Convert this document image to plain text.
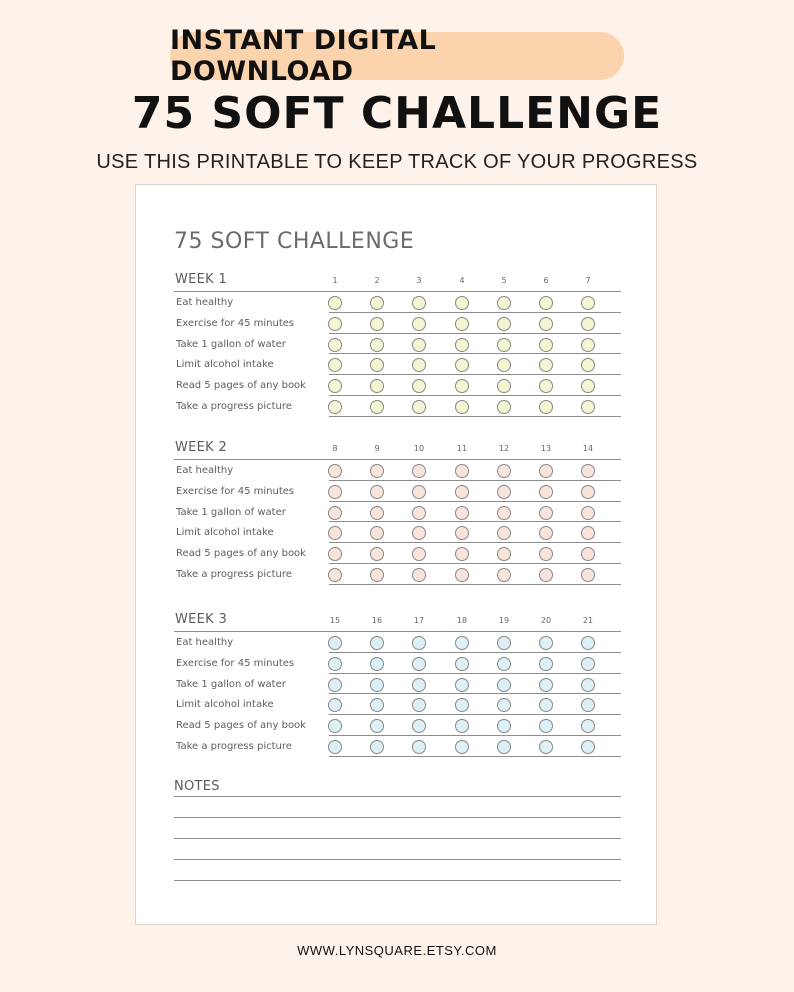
INSTANT DIGITAL DOWNLOAD
75 SOFT CHALLENGE
USE THIS PRINTABLE TO KEEP TRACK OF YOUR PROGRESS
75 SOFT CHALLENGE
WEEK 1	1	2	3	4	5	6	7
Eat healthy
Exercise for 45 minutes
Take 1 gallon of water
Limit alcohol intake
Read 5 pages of any book
Take a progress picture
WEEK 2	8	9	10	11	12	13	14
Eat healthy
Exercise for 45 minutes
Take 1 gallon of water
Limit alcohol intake
Read 5 pages of any book
Take a progress picture
WEEK 3	15	16	17	18	19	20	21
Eat healthy
Exercise for 45 minutes
Take 1 gallon of water
Limit alcohol intake
Read 5 pages of any book
Take a progress picture
NOTES
WWW.LYNSQUARE.ETSY.COM
